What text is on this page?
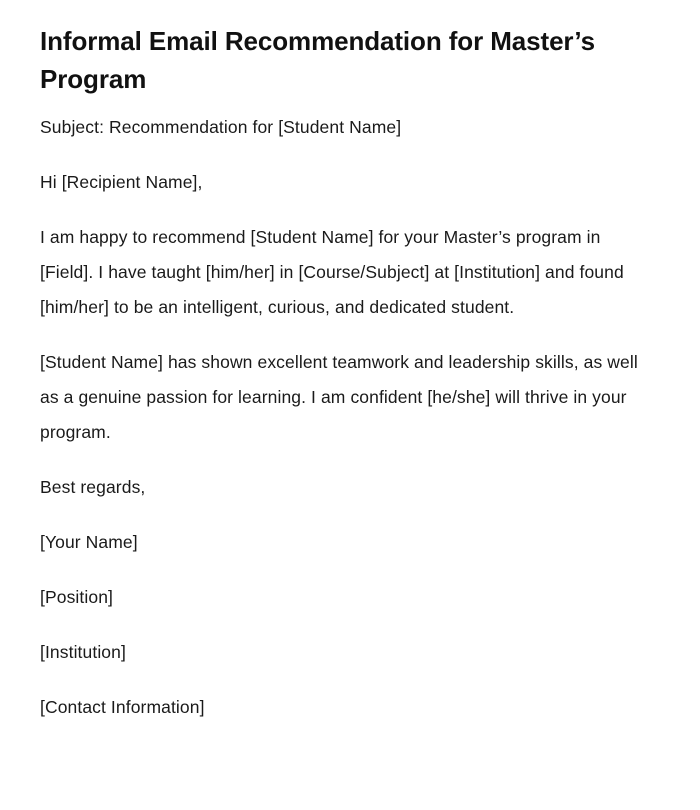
Informal Email Recommendation for Master’s Program

Subject: Recommendation for [Student Name]

Hi [Recipient Name],

I am happy to recommend [Student Name] for your Master’s program in [Field]. I have taught [him/her] in [Course/Subject] at [Institution] and found [him/her] to be an intelligent, curious, and dedicated student.

[Student Name] has shown excellent teamwork and leadership skills, as well as a genuine passion for learning. I am confident [he/she] will thrive in your program.

Best regards,

[Your Name]

[Position]

[Institution]

[Contact Information]
